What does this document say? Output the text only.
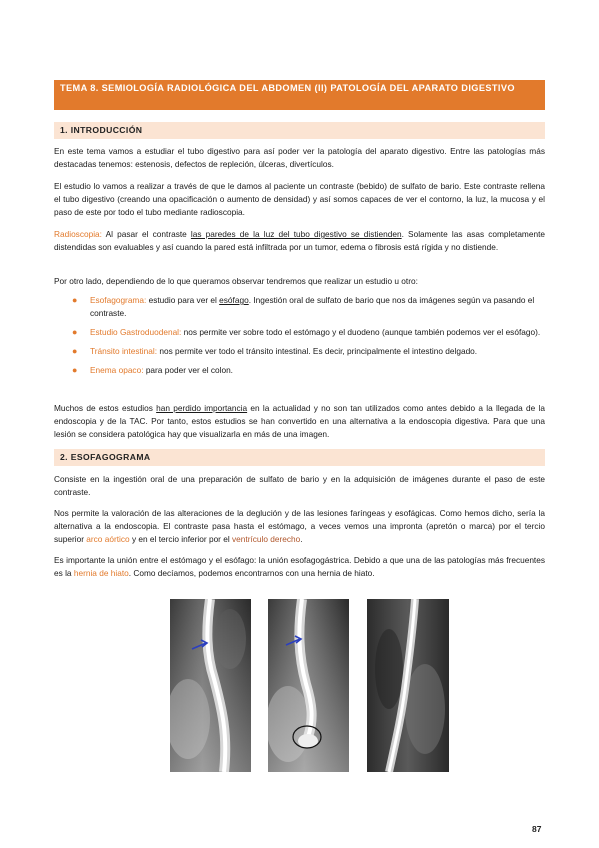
TEMA 8. SEMIOLOGÍA RADIOLÓGICA DEL ABDOMEN (II) PATOLOGÍA DEL APARATO DIGESTIVO
1. INTRODUCCIÓN

En este tema vamos a estudiar el tubo digestivo para así poder ver la patología del aparato digestivo. Entre las patologías más destacadas tenemos: estenosis, defectos de repleción, úlceras, divertículos.

El estudio lo vamos a realizar a través de que le damos al paciente un contraste (bebido) de sulfato de bario. Este contraste rellena el tubo digestivo (creando una opacificación o aumento de densidad) y así somos capaces de ver el contorno, la luz, la mucosa y el paso de este por todo el tubo mediante radioscopia.

Radioscopia: Al pasar el contraste las paredes de la luz del tubo digestivo se distienden. Solamente las asas completamente distendidas son evaluables y así cuando la pared está infiltrada por un tumor, edema o fibrosis está rígida y no distiende.

Por otro lado, dependiendo de lo que queramos observar tendremos que realizar un estudio u otro:

● Esofagograma: estudio para ver el esófago. Ingestión oral de sulfato de bario que nos da imágenes según va pasando el contraste.
● Estudio Gastroduodenal: nos permite ver sobre todo el estómago y el duodeno (aunque también podemos ver el esófago).
● Tránsito intestinal: nos permite ver todo el tránsito intestinal. Es decir, principalmente el intestino delgado.
● Enema opaco: para poder ver el colon.

Muchos de estos estudios han perdido importancia en la actualidad y no son tan utilizados como antes debido a la llegada de la endoscopia y de la TAC. Por tanto, estos estudios se han convertido en una alternativa a la endoscopia digestiva. Para que una lesión se considera patológica hay que visualizarla en más de una imagen.

2. ESOFAGOGRAMA

Consiste en la ingestión oral de una preparación de sulfato de bario y en la adquisición de imágenes durante el paso de este contraste.

Nos permite la valoración de las alteraciones de la deglución y de las lesiones faríngeas y esofágicas. Como hemos dicho, sería la alternativa a la endoscopia. El contraste pasa hasta el estómago, a veces vemos una impronta (apretón o marca) por el tercio superior arco aórtico y en el tercio inferior por el ventrículo derecho.

Es importante la unión entre el estómago y el esófago: la unión esofagogástrica. Debido a que una de las patologías más frecuentes es la hernia de hiato. Como decíamos, podemos encontrarnos con una hernia de hiato.

87
